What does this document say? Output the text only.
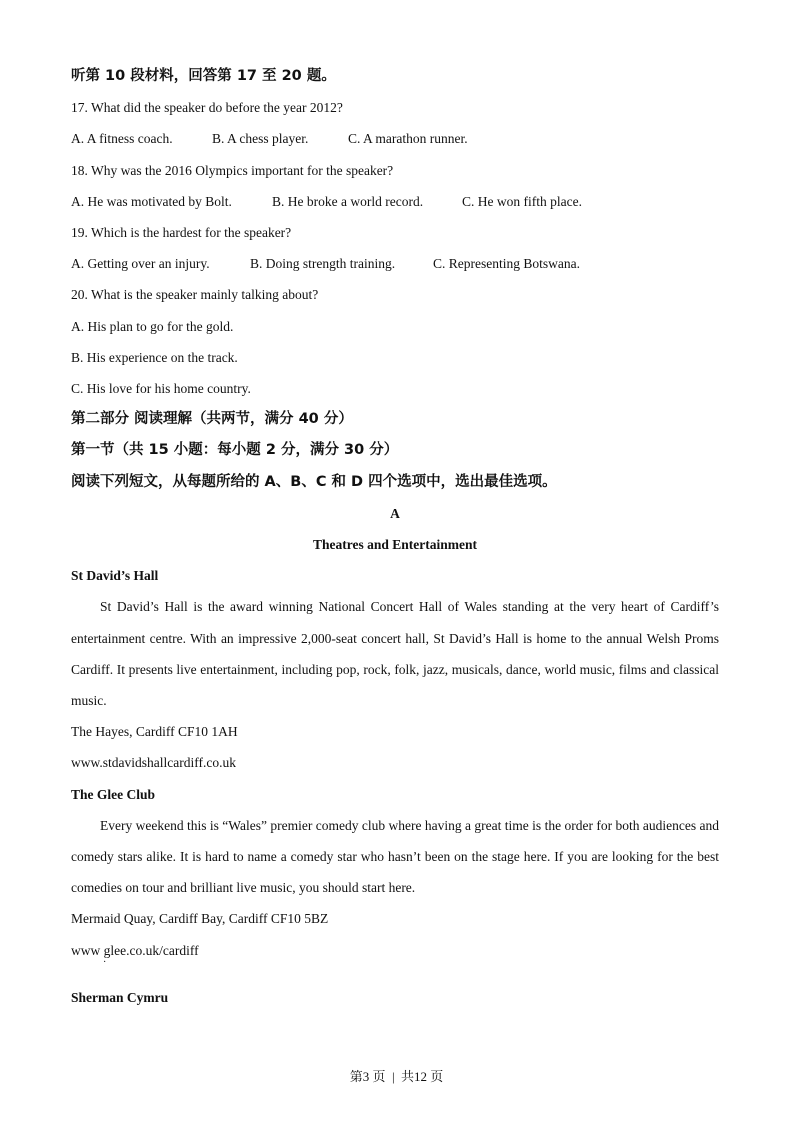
听第 10 段材料，回答第 17 至 20 题。
17. What did the speaker do before the year 2012?
A. A fitness coach.	B. A chess player.	C. A marathon runner.
18. Why was the 2016 Olympics important for the speaker?
A. He was motivated by Bolt.	B. He broke a world record.	C. He won fifth place.
19. Which is the hardest for the speaker?
A. Getting over an injury.	B. Doing strength training.	C. Representing Botswana.
20. What is the speaker mainly talking about?
A. His plan to go for the gold.
B. His experience on the track.
C. His love for his home country.
第二部分 阅读理解（共两节，满分 40 分）
第一节（共 15 小题：每小题 2 分，满分 30 分）
阅读下列短文，从每题所给的 A、B、C 和 D 四个选项中，选出最佳选项。
A
Theatres and Entertainment
St David’s Hall
St David’s Hall is the award winning National Concert Hall of Wales standing at the very heart of Cardiff’s entertainment centre. With an impressive 2,000-seat concert hall, St David’s Hall is home to the annual Welsh Proms Cardiff. It presents live entertainment, including pop, rock, folk, jazz, musicals, dance, world music, films and classical music.
The Hayes, Cardiff CF10 1AH
www.stdavidshallcardiff.co.uk
The Glee Club
Every weekend this is “Wales” premier comedy club where having a great time is the order for both audiences and comedy stars alike. It is hard to name a comedy star who hasn’t been on the stage here. If you are looking for the best comedies on tour and brilliant live music, you should start here.
Mermaid Quay, Cardiff Bay, Cardiff CF10 5BZ
www glee.co.uk/cardiff
·
Sherman Cymru
第3 页  |  共12 页
